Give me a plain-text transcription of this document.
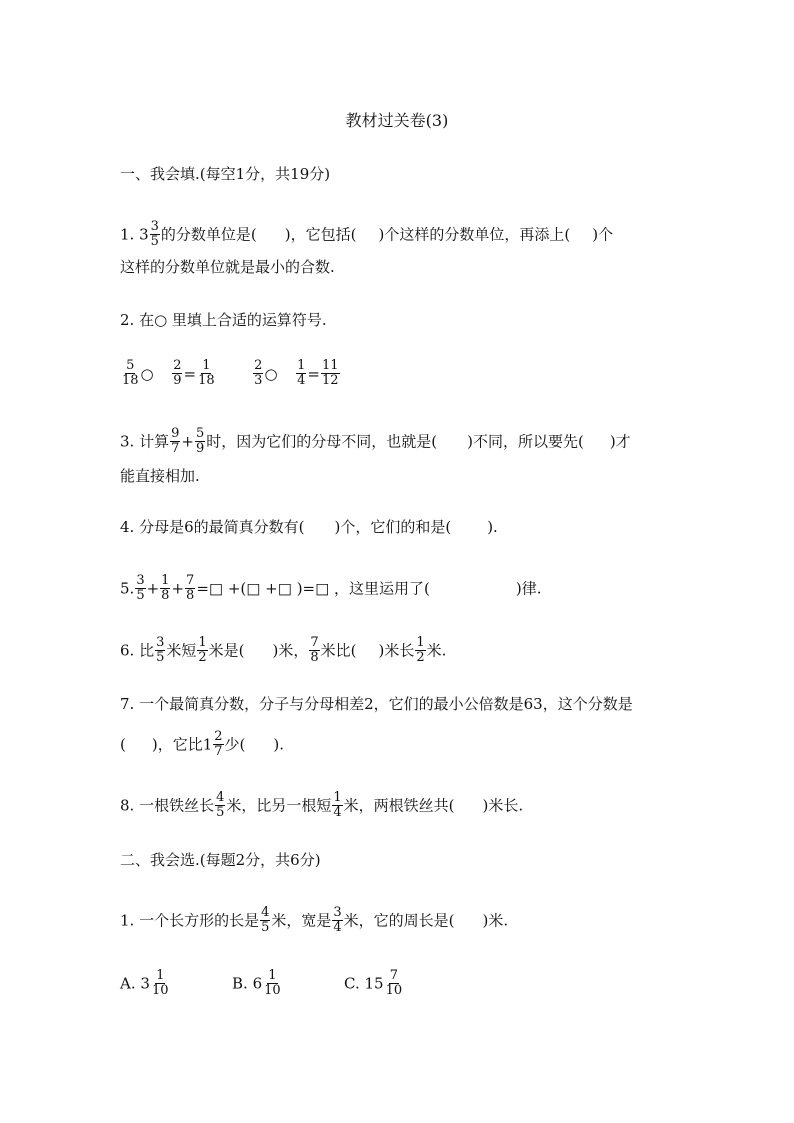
教材过关卷(3)
一、我会填.(每空1分，共19分)
1. $3 \frac{3}{5}$ 的分数单位是( )，它包括( )个这样的分数单位，再添上( )个
这样的分数单位就是最小的合数.
2. 在○ 里填上合适的运算符号.
$\frac{5}{18}$ ○ $\frac{2}{9} = \frac{1}{18}$
	$\frac{2}{3}$ ○ $\frac{1}{4} = \frac{11}{12}$
3. 计算 $\frac{9}{7} + \frac{5}{9}$ 时，因为它们的分母不同，也就是( )不同，所以要先( )才
能直接相加.
4. 分母是6的最简真分数有( )个，它们的和是( ).
5. $\frac{3}{5} + \frac{1}{8} + \frac{7}{8}$ =□ +(□ +□ )=□ ，这里运用了(	)律.
6. 比 $\frac{3}{5}$ 米短 $\frac{1}{2}$ 米是( )米， $\frac{7}{8}$ 米比( )米长 $\frac{1}{2}$ 米.
7. 一个最简真分数，分子与分母相差2，它们的最小公倍数是63，这个分数是
( )，它比$1 \frac{2}{7}$ 少( ).
8. 一根铁丝长 $\frac{4}{5}$ 米，比另一根短 $\frac{1}{4}$ 米，两根铁丝共( )米长.
二、我会选.(每题2分，共6分)
1. 一个长方形的长是 $\frac{4}{5}$ 米，宽是 $\frac{3}{4}$ 米，它的周长是( )米.
A. $3 \frac{1}{10}$	B. $6 \frac{1}{10}$	C. $15 \frac{7}{10}$
